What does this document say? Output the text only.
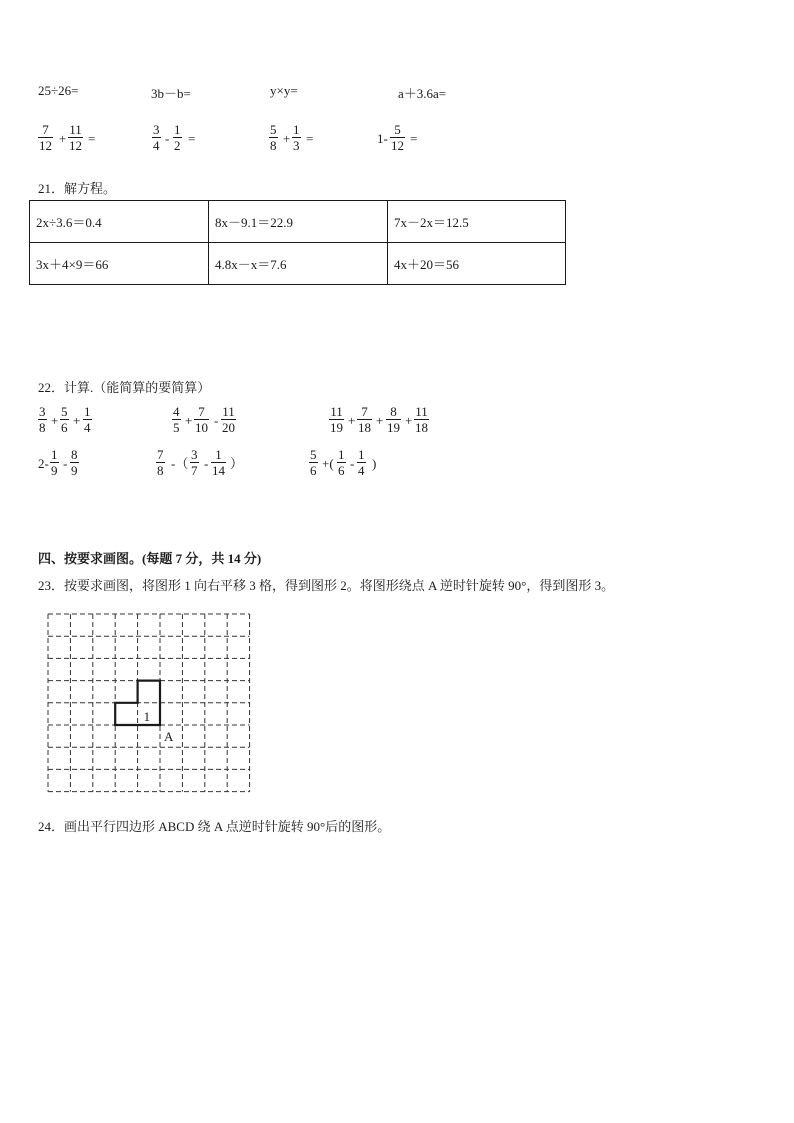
25÷26=	3b－b=	y×y=	a＋3.6a=
$\frac{7}{12} + \frac{11}{12}$ =	$\frac{3}{4} - \frac{1}{2}$ =	$\frac{5}{8} + \frac{1}{3}$ =	$1- \frac{5}{12}$ =
21．解方程。
2x÷3.6＝0.4	8x－9.1＝22.9	7x－2x＝12.5
3x＋4×9＝66	4.8x－x＝7.6	4x＋20＝56
22．计算.（能简算的要简算）
$\frac{3}{8} + \frac{5}{6} + \frac{1}{4}$	$\frac{4}{5} + \frac{7}{10} - \frac{11}{20}$	$\frac{11}{19} + \frac{7}{18} + \frac{8}{19} + \frac{11}{18}$
$2- \frac{1}{9} - \frac{8}{9}$	$\frac{7}{8}$ -（ $\frac{3}{7} - \frac{1}{14}$ ）	$\frac{5}{6}$ +( $\frac{1}{6} - \frac{1}{4}$ )
四、按要求画图。(每题 7 分，共 14 分)
23．按要求画图，将图形 1 向右平移 3 格，得到图形 2。将图形绕点 A 逆时针旋转 90°，得到图形 3。
1
A
24．画出平行四边形 ABCD 绕 A 点逆时针旋转 90°后的图形。
